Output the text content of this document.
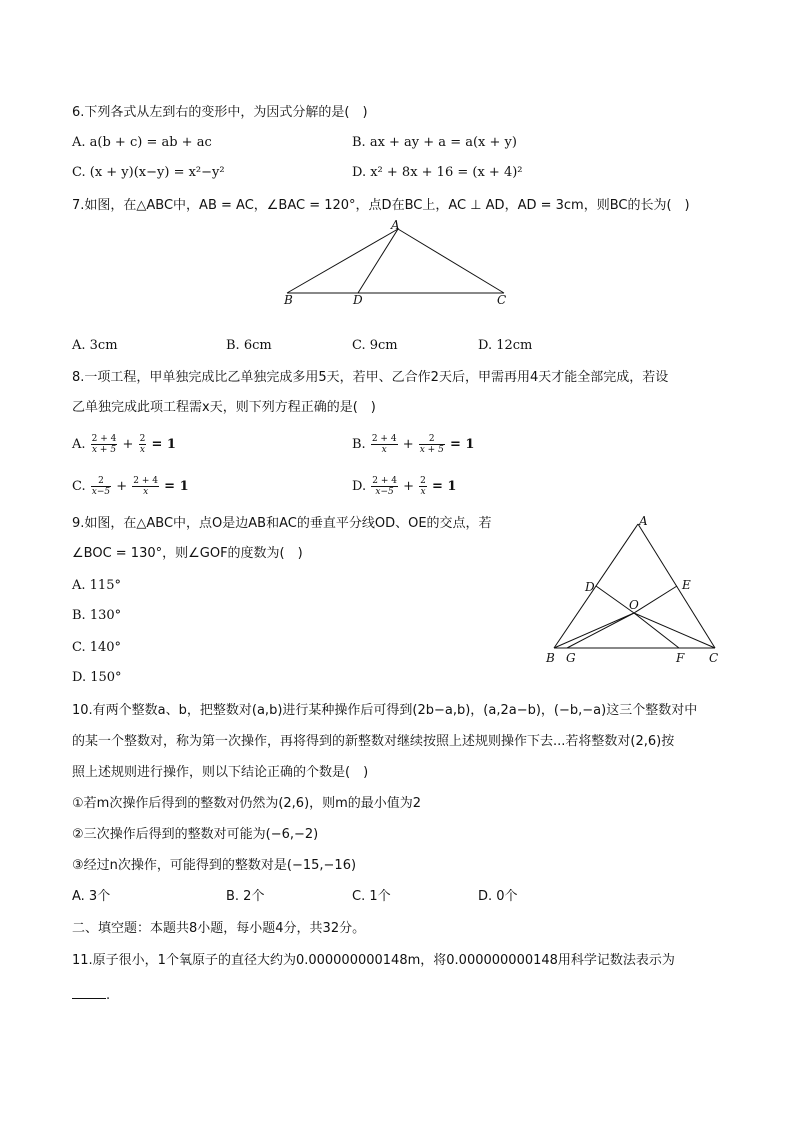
6.下列各式从左到右的变形中，为因式分解的是(　)
A. a(b + c) = ab + ac	B. ax + ay + a = a(x + y)
C. (x + y)(x−y) = x²−y²	D. x² + 8x + 16 = (x + 4)²
7.如图，在△ABC中，AB = AC，∠BAC = 120°，点D在BC上，AC ⊥ AD，AD = 3cm，则BC的长为(　)
A
B	D	C
A. 3cm	B. 6cm	C. 9cm	D. 12cm
8.一项工程，甲单独完成比乙单独完成多用5天，若甲、乙合作2天后，甲需再用4天才能全部完成，若设
乙单独完成此项工程需x天，则下列方程正确的是(　)
A. $\frac{2 + 4}{x + 5} + \frac{2}{x} = 1$	B. $\frac{2 + 4}{x} + \frac{2}{x + 5} = 1$
C. $\frac{2}{x-5} + \frac{2 + 4}{x} = 1$	D. $\frac{2 + 4}{x-5} + \frac{2}{x} = 1$
9.如图，在△ABC中，点O是边AB和AC的垂直平分线OD、OE的交点，若
∠BOC = 130°，则∠GOF的度数为(　)
A. 115°
B. 130°
C. 140°
D. 150°
A
D	E
O
B G	F C
10.有两个整数a、b，把整数对(a,b)进行某种操作后可得到(2b−a,b)，(a,2a−b)，(−b,−a)这三个整数对中
的某一个整数对，称为第一次操作，再将得到的新整数对继续按照上述规则操作下去...若将整数对(2,6)按
照上述规则进行操作，则以下结论正确的个数是(　)
①若m次操作后得到的整数对仍然为(2,6)，则m的最小值为2
②三次操作后得到的整数对可能为(−6,−2)
③经过n次操作，可能得到的整数对是(−15,−16)
A. 3个	B. 2个	C. 1个	D. 0个
二、填空题：本题共8小题，每小题4分，共32分。
11.原子很小，1个氧原子的直径大约为0.000000000148m，将0.000000000148用科学记数法表示为
.
